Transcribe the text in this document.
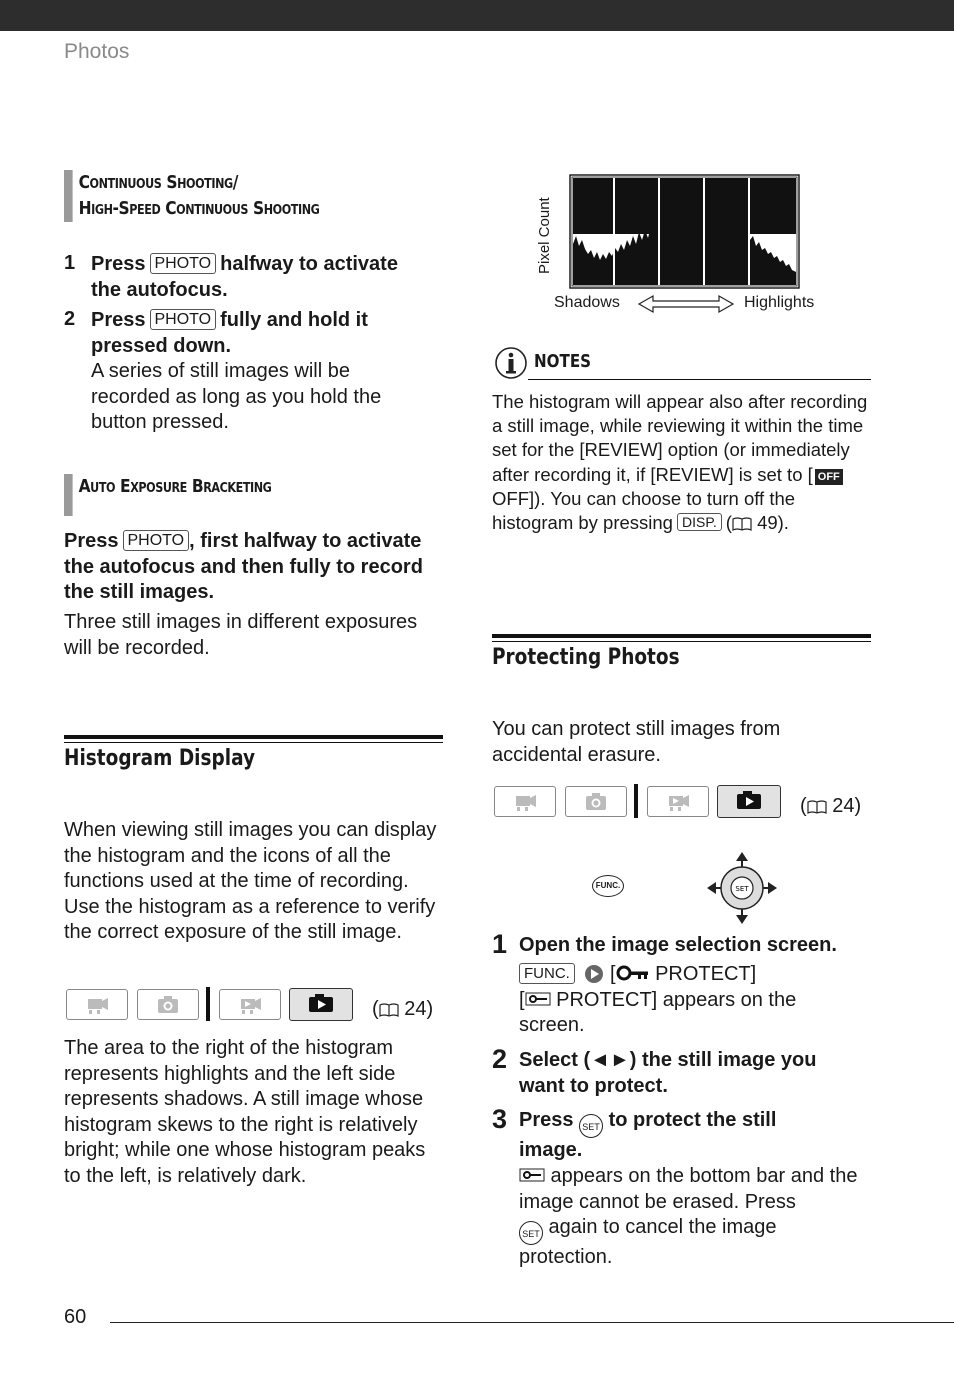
Photos
Continuous Shooting/
High-Speed Continuous Shooting
1 Press PHOTO halfway to activate
the autofocus.
2 Press PHOTO fully and hold it
pressed down.

A series of still images will be recorded as long as you hold the button pressed.
Auto Exposure Bracketing
Press PHOTO , first halfway to activate the autofocus and then fully to record the still images.
Three still images in different exposures will be recorded.
Histogram Display
When viewing still images you can display the histogram and the icons of all the functions used at the time of recording. Use the histogram as a reference to verify the correct exposure of the still image.
( 24)
The area to the right of the histogram represents highlights and the left side represents shadows. A still image whose histogram skews to the right is relatively bright; while one whose histogram peaks to the left, is relatively dark.
Pixel Count
Shadows	Highlights
NOTES
The histogram will appear also after recording a still image, while reviewing it within the time set for the [REVIEW] option (or immediately after recording it, if [REVIEW] is set to [ OFF OFF]). You can choose to turn off the histogram by pressing DISP. ( 49).
Protecting Photos
You can protect still images from accidental erasure.
( 24)
FUNC.	SET
1 Open the image selection screen.
FUNC. [ PROTECT]
[ PROTECT] appears on the screen.
2 Select (◄►) the still image you want to protect.
3 Press SET to protect the still
image.
appears on the bottom bar and the image cannot be erased. Press
SET again to cancel the image protection.
60
